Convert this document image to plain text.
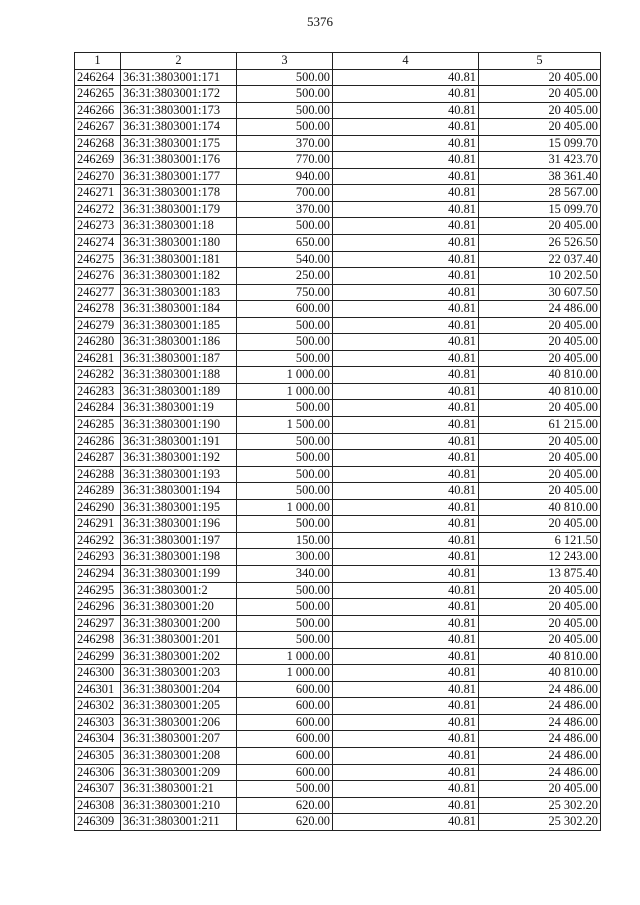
5376
1	2	3	4	5
246264	36:31:3803001:171	500.00	40.81	20 405.00
246265	36:31:3803001:172	500.00	40.81	20 405.00
246266	36:31:3803001:173	500.00	40.81	20 405.00
246267	36:31:3803001:174	500.00	40.81	20 405.00
246268	36:31:3803001:175	370.00	40.81	15 099.70
246269	36:31:3803001:176	770.00	40.81	31 423.70
246270	36:31:3803001:177	940.00	40.81	38 361.40
246271	36:31:3803001:178	700.00	40.81	28 567.00
246272	36:31:3803001:179	370.00	40.81	15 099.70
246273	36:31:3803001:18	500.00	40.81	20 405.00
246274	36:31:3803001:180	650.00	40.81	26 526.50
246275	36:31:3803001:181	540.00	40.81	22 037.40
246276	36:31:3803001:182	250.00	40.81	10 202.50
246277	36:31:3803001:183	750.00	40.81	30 607.50
246278	36:31:3803001:184	600.00	40.81	24 486.00
246279	36:31:3803001:185	500.00	40.81	20 405.00
246280	36:31:3803001:186	500.00	40.81	20 405.00
246281	36:31:3803001:187	500.00	40.81	20 405.00
246282	36:31:3803001:188	1 000.00	40.81	40 810.00
246283	36:31:3803001:189	1 000.00	40.81	40 810.00
246284	36:31:3803001:19	500.00	40.81	20 405.00
246285	36:31:3803001:190	1 500.00	40.81	61 215.00
246286	36:31:3803001:191	500.00	40.81	20 405.00
246287	36:31:3803001:192	500.00	40.81	20 405.00
246288	36:31:3803001:193	500.00	40.81	20 405.00
246289	36:31:3803001:194	500.00	40.81	20 405.00
246290	36:31:3803001:195	1 000.00	40.81	40 810.00
246291	36:31:3803001:196	500.00	40.81	20 405.00
246292	36:31:3803001:197	150.00	40.81	6 121.50
246293	36:31:3803001:198	300.00	40.81	12 243.00
246294	36:31:3803001:199	340.00	40.81	13 875.40
246295	36:31:3803001:2	500.00	40.81	20 405.00
246296	36:31:3803001:20	500.00	40.81	20 405.00
246297	36:31:3803001:200	500.00	40.81	20 405.00
246298	36:31:3803001:201	500.00	40.81	20 405.00
246299	36:31:3803001:202	1 000.00	40.81	40 810.00
246300	36:31:3803001:203	1 000.00	40.81	40 810.00
246301	36:31:3803001:204	600.00	40.81	24 486.00
246302	36:31:3803001:205	600.00	40.81	24 486.00
246303	36:31:3803001:206	600.00	40.81	24 486.00
246304	36:31:3803001:207	600.00	40.81	24 486.00
246305	36:31:3803001:208	600.00	40.81	24 486.00
246306	36:31:3803001:209	600.00	40.81	24 486.00
246307	36:31:3803001:21	500.00	40.81	20 405.00
246308	36:31:3803001:210	620.00	40.81	25 302.20
246309	36:31:3803001:211	620.00	40.81	25 302.20
